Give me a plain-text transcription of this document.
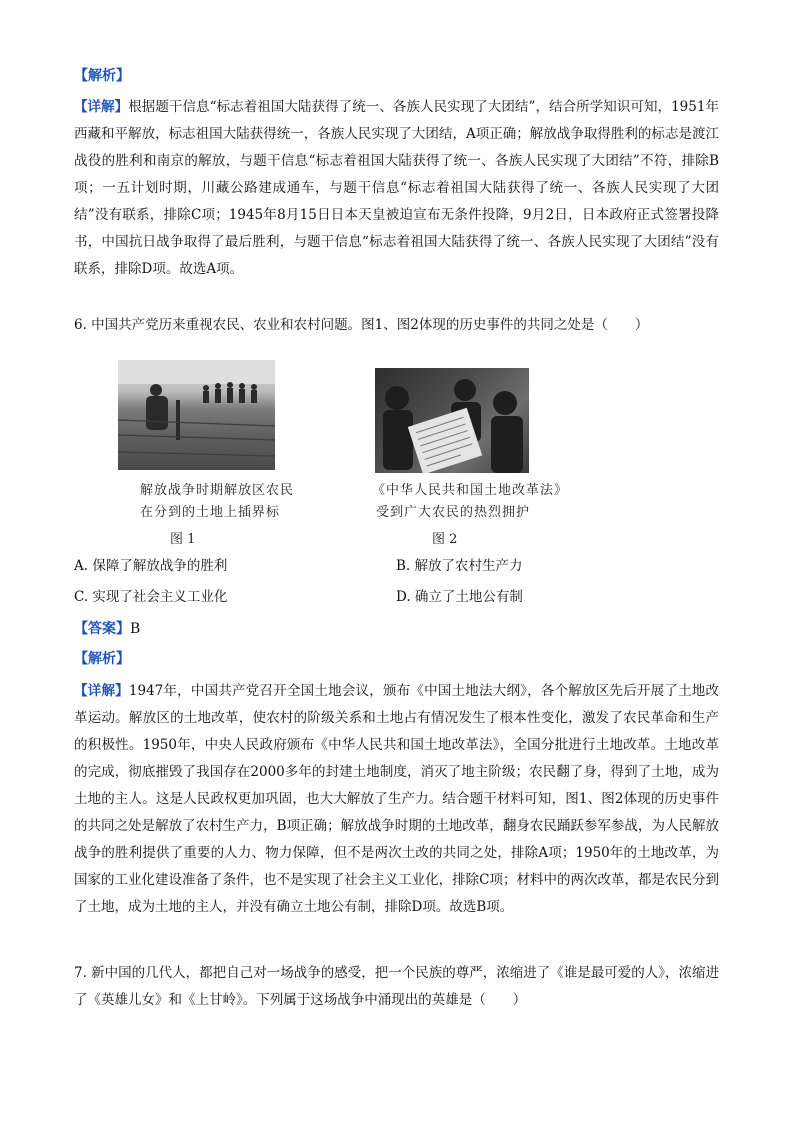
【解析】

【详解】根据题干信息“标志着祖国大陆获得了统一、各族人民实现了大团结”，结合所学知识可知，1951年西藏和平解放，标志祖国大陆获得统一，各族人民实现了大团结，A项正确；解放战争取得胜利的标志是渡江战役的胜利和南京的解放，与题干信息“标志着祖国大陆获得了统一、各族人民实现了大团结”不符，排除B项；一五计划时期，川藏公路建成通车，与题干信息“标志着祖国大陆获得了统一、各族人民实现了大团结”没有联系，排除C项；1945年8月15日日本天皇被迫宣布无条件投降，9月2日，日本政府正式签署投降书，中国抗日战争取得了最后胜利，与题干信息“标志着祖国大陆获得了统一、各族人民实现了大团结”没有联系，排除D项。故选A项。

6. 中国共产党历来重视农民、农业和农村问题。图1、图2体现的历史事件的共同之处是（　　）

解放战争时期解放区农民
在分到的土地上插界标
图 1
《中华人民共和国土地改革法》
受到广大农民的热烈拥护
图 2
A. 保障了解放战争的胜利	B. 解放了农村生产力
C. 实现了社会主义工业化	D. 确立了土地公有制
【答案】B
【解析】

【详解】1947年，中国共产党召开全国土地会议，颁布《中国土地法大纲》，各个解放区先后开展了土地改革运动。解放区的土地改革，使农村的阶级关系和土地占有情况发生了根本性变化，激发了农民革命和生产的积极性。1950年，中央人民政府颁布《中华人民共和国土地改革法》，全国分批进行土地改革。土地改革的完成，彻底摧毁了我国存在2000多年的封建土地制度，消灭了地主阶级；农民翻了身，得到了土地，成为土地的主人。这是人民政权更加巩固，也大大解放了生产力。结合题干材料可知，图1、图2体现的历史事件的共同之处是解放了农村生产力，B项正确；解放战争时期的土地改革，翻身农民踊跃参军参战，为人民解放战争的胜利提供了重要的人力、物力保障，但不是两次土改的共同之处，排除A项；1950年的土地改革，为国家的工业化建设准备了条件，也不是实现了社会主义工业化，排除C项；材料中的两次改革，都是农民分到了土地，成为土地的主人，并没有确立土地公有制，排除D项。故选B项。

7. 新中国的几代人，都把自己对一场战争的感受，把一个民族的尊严，浓缩进了《谁是最可爱的人》，浓缩进了《英雄儿女》和《上甘岭》。下列属于这场战争中涌现出的英雄是（　　）
